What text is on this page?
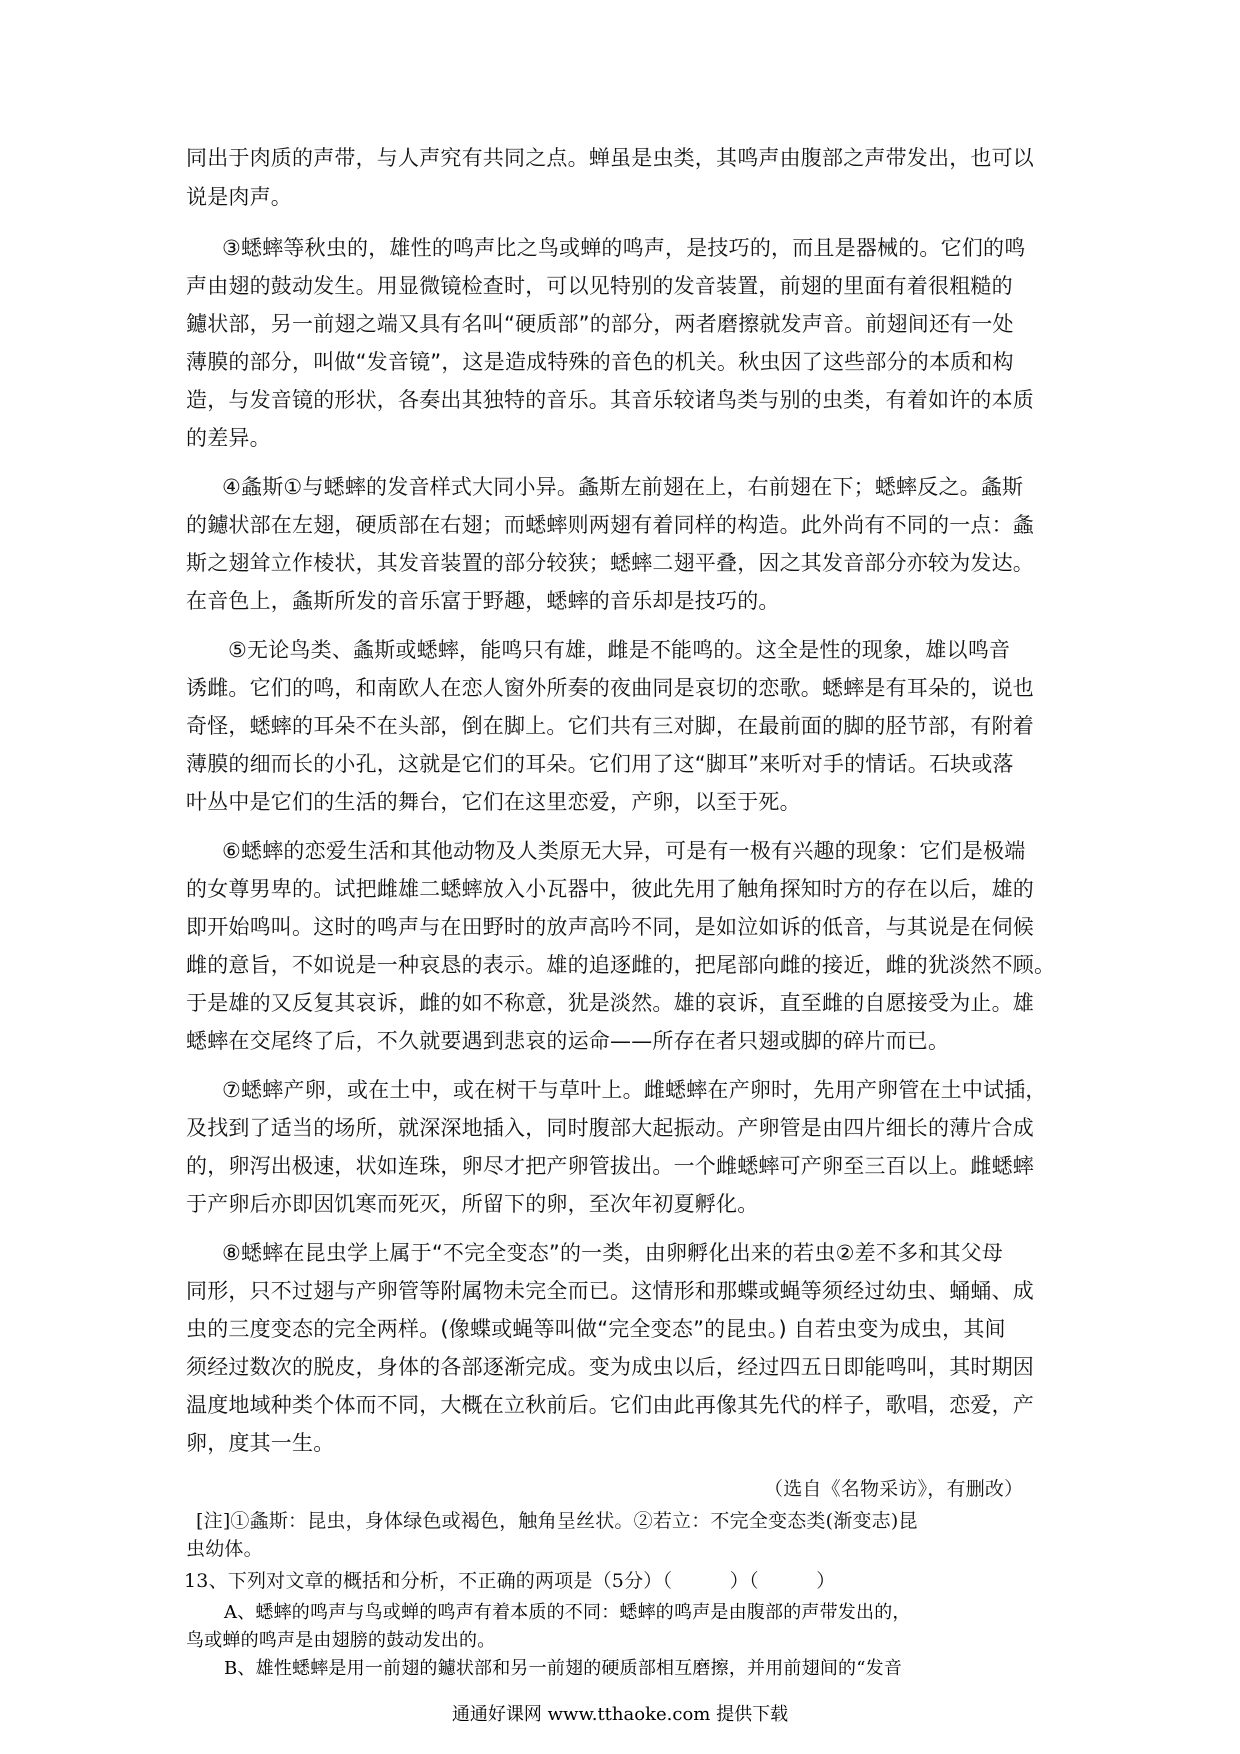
同出于肉质的声带，与人声究有共同之点。蝉虽是虫类，其鸣声由腹部之声带发出，也可以
说是肉声。
③蟋蟀等秋虫的，雄性的鸣声比之鸟或蝉的鸣声，是技巧的，而且是器械的。它们的鸣
声由翅的鼓动发生。用显微镜检查时，可以见特别的发音装置，前翅的里面有着很粗糙的
鑢状部，另一前翅之端又具有名叫“硬质部”的部分，两者磨擦就发声音。前翅间还有一处
薄膜的部分，叫做“发音镜”，这是造成特殊的音色的机关。秋虫因了这些部分的本质和构
造，与发音镜的形状，各奏出其独特的音乐。其音乐较诸鸟类与别的虫类，有着如许的本质
的差异。
④螽斯①与蟋蟀的发音样式大同小异。螽斯左前翅在上，右前翅在下；蟋蟀反之。螽斯
的鑢状部在左翅，硬质部在右翅；而蟋蟀则两翅有着同样的构造。此外尚有不同的一点：螽
斯之翅耸立作棱状，其发音装置的部分较狭；蟋蟀二翅平叠，因之其发音部分亦较为发达。
在音色上，螽斯所发的音乐富于野趣，蟋蟀的音乐却是技巧的。
⑤无论鸟类、螽斯或蟋蟀，能鸣只有雄，雌是不能鸣的。这全是性的现象，雄以鸣音
诱雌。它们的鸣，和南欧人在恋人窗外所奏的夜曲同是哀切的恋歌。蟋蟀是有耳朵的，说也
奇怪，蟋蟀的耳朵不在头部，倒在脚上。它们共有三对脚，在最前面的脚的胫节部，有附着
薄膜的细而长的小孔，这就是它们的耳朵。它们用了这“脚耳”来听对手的情话。石块或落
叶丛中是它们的生活的舞台，它们在这里恋爱，产卵，以至于死。
⑥蟋蟀的恋爱生活和其他动物及人类原无大异，可是有一极有兴趣的现象：它们是极端
的女尊男卑的。试把雌雄二蟋蟀放入小瓦器中，彼此先用了触角探知时方的存在以后，雄的
即开始鸣叫。这时的鸣声与在田野时的放声高吟不同，是如泣如诉的低音，与其说是在伺候
雌的意旨，不如说是一种哀恳的表示。雄的追逐雌的，把尾部向雌的接近，雌的犹淡然不顾。
于是雄的又反复其哀诉，雌的如不称意，犹是淡然。雄的哀诉，直至雌的自愿接受为止。雄
蟋蟀在交尾终了后，不久就要遇到悲哀的运命——所存在者只翅或脚的碎片而已。
⑦蟋蟀产卵，或在土中，或在树干与草叶上。雌蟋蟀在产卵时，先用产卵管在土中试插，
及找到了适当的场所，就深深地插入，同时腹部大起振动。产卵管是由四片细长的薄片合成
的，卵泻出极速，状如连珠，卵尽才把产卵管拔出。一个雌蟋蟀可产卵至三百以上。雌蟋蟀
于产卵后亦即因饥寒而死灭，所留下的卵，至次年初夏孵化。
⑧蟋蟀在昆虫学上属于“不完全变态”的一类，由卵孵化出来的若虫②差不多和其父母
同形，只不过翅与产卵管等附属物未完全而已。这情形和那蝶或蝇等须经过幼虫、蛹蛹、成
虫的三度变态的完全两样。(像蝶或蝇等叫做“完全变态”的昆虫。) 自若虫变为成虫，其间
须经过数次的脱皮，身体的各部逐渐完成。变为成虫以后，经过四五日即能鸣叫，其时期因
温度地域种类个体而不同，大概在立秋前后。它们由此再像其先代的样子，歌唱，恋爱，产
卵，度其一生。
（选自《名物采访》，有删改）
[注]①螽斯：昆虫，身体绿色或褐色，触角呈丝状。②若立：不完全变态类(渐变志)昆
虫幼体。
13、下列对文章的概括和分析，不正确的两项是（5分）（　　　）（　　　）
A、蟋蟀的鸣声与鸟或蝉的鸣声有着本质的不同：蟋蟀的鸣声是由腹部的声带发出的，
鸟或蝉的鸣声是由翅膀的鼓动发出的。
B、雄性蟋蟀是用一前翅的鑢状部和另一前翅的硬质部相互磨擦，并用前翅间的“发音
通通好课网 www.tthaoke.com 提供下载
